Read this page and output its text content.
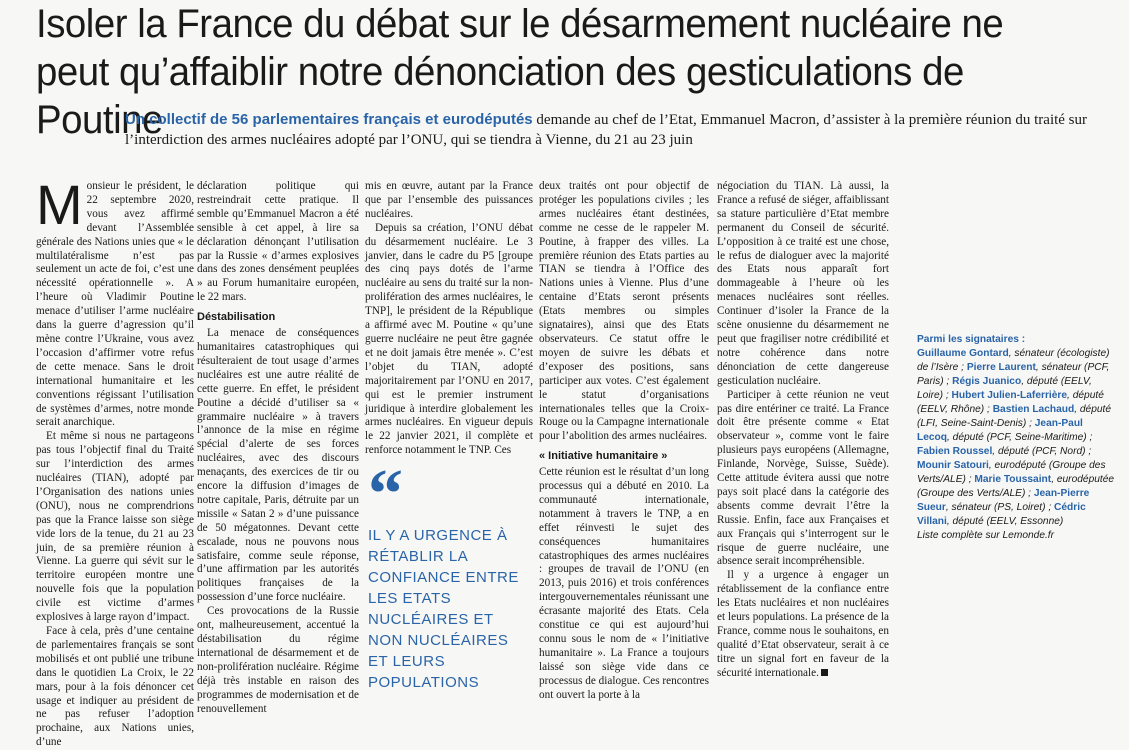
Isoler la France du débat sur le désarmement nucléaire ne peut qu’affaiblir notre dénonciation des gesticulations de Poutine
Un collectif de 56 parlementaires français et eurodéputés demande au chef de l’Etat, Emmanuel Macron, d’assister à la première réunion du traité sur l’interdiction des armes nucléaires adopté par l’ONU, qui se tiendra à Vienne, du 21 au 23 juin
M onsieur le président, le 22 septembre 2020, vous avez affirmé devant l’Assemblée générale des Nations unies que « le multilatéralisme n’est pas seulement un acte de foi, c’est une nécessité opérationnelle ». A l’heure où Vladimir Poutine menace d’utiliser l’arme nucléaire dans la guerre d’agression qu’il mène contre l’Ukraine, vous avez l’occasion d’affirmer votre refus de cette menace. Sans le droit international humanitaire et les conventions régissant l’utilisation de systèmes d’armes, notre monde serait anarchique.

Et même si nous ne partageons pas tous l’objectif final du Traité sur l’interdiction des armes nucléaires (TIAN), adopté par l’Organisation des nations unies (ONU), nous ne comprendrions pas que la France laisse son siège vide lors de la tenue, du 21 au 23 juin, de sa première réunion à Vienne. La guerre qui sévit sur le territoire européen montre une nouvelle fois que la population civile est victime d’armes explosives à large rayon d’impact.

Face à cela, près d’une centaine de parlementaires français se sont mobilisés et ont publié une tribune dans le quotidien La Croix, le 22 mars, pour à la fois dénoncer cet usage et indiquer au président de ne pas refuser l’adoption prochaine, aux Nations unies, d’une

déclaration politique qui restreindrait cette pratique. Il semble qu’Emmanuel Macron a été sensible à cet appel, à lire sa déclaration dénonçant l’utilisation par la Russie « d’armes explosives dans des zones densément peuplées » au Forum humanitaire européen, le 22 mars.

Déstabilisation

La menace de conséquences humanitaires catastrophiques qui résulteraient de tout usage d’armes nucléaires est une autre réalité de cette guerre. En effet, le président Poutine a décidé d’utiliser sa « grammaire nucléaire » à travers l’annonce de la mise en régime spécial d’alerte de ses forces nucléaires, avec des discours menaçants, des exercices de tir ou encore la diffusion d’images de notre capitale, Paris, détruite par un missile « Satan 2 » d’une puissance de 50 mégatonnes. Devant cette escalade, nous ne pouvons nous satisfaire, comme seule réponse, d’une affirmation par les autorités politiques françaises de la possession d’une force nucléaire.

Ces provocations de la Russie ont, malheureusement, accentué la déstabilisation du régime international de désarmement et de non-prolifération nucléaire. Régime déjà très instable en raison des programmes de modernisation et de renouvellement

mis en œuvre, autant par la France que par l’ensemble des puissances nucléaires.

Depuis sa création, l’ONU débat du désarmement nucléaire. Le 3 janvier, dans le cadre du P5 [groupe des cinq pays dotés de l’arme nucléaire au sens du traité sur la non-prolifération des armes nucléaires, le TNP], le président de la République a affirmé avec M. Poutine « qu’une guerre nucléaire ne peut être gagnée et ne doit jamais être menée ». C’est l’objet du TIAN, adopté majoritairement par l’ONU en 2017, qui est le premier instrument juridique à interdire globalement les armes nucléaires. En vigueur depuis le 22 janvier 2021, il complète et renforce notamment le TNP. Ces

“
IL Y A URGENCE À RÉTABLIR LA CONFIANCE ENTRE LES ETATS NUCLÉAIRES ET NON NUCLÉAIRES ET LEURS POPULATIONS

deux traités ont pour objectif de protéger les populations civiles ; les armes nucléaires étant destinées, comme ne cesse de le rappeler M. Poutine, à frapper des villes. La première réunion des Etats parties au TIAN se tiendra à l’Office des Nations unies à Vienne. Plus d’une centaine d’Etats seront présents (Etats membres ou simples signataires), ainsi que des Etats observateurs. Ce statut offre le moyen de suivre les débats et d’exposer des positions, sans participer aux votes. C’est également le statut d’organisations internationales telles que la Croix-Rouge ou la Campagne internationale pour l’abolition des armes nucléaires.

« Initiative humanitaire »

Cette réunion est le résultat d’un long processus qui a débuté en 2010. La communauté internationale, notamment à travers le TNP, a en effet réinvesti le sujet des conséquences humanitaires catastrophiques des armes nucléaires : groupes de travail de l’ONU (en 2013, puis 2016) et trois conférences intergouvernementales réunissant une écrasante majorité des Etats. Cela constitue ce qui est aujourd’hui connu sous le nom de « l’initiative humanitaire ». La France a toujours laissé son siège vide dans ce processus de dialogue. Ces rencontres ont ouvert la porte à la

négociation du TIAN. Là aussi, la France a refusé de siéger, affaiblissant sa stature particulière d’Etat membre permanent du Conseil de sécurité. L’opposition à ce traité est une chose, le refus de dialoguer avec la majorité des Etats nous apparaît fort dommageable à l’heure où les menaces nucléaires sont réelles. Continuer d’isoler la France de la scène onusienne du désarmement ne peut que fragiliser notre crédibilité et notre cohérence dans notre dénonciation de cette dangereuse gesticulation nucléaire.

Participer à cette réunion ne veut pas dire entériner ce traité. La France doit être présente comme « Etat observateur », comme vont le faire plusieurs pays européens (Allemagne, Finlande, Norvège, Suisse, Suède). Cette attitude évitera aussi que notre pays soit placé dans la catégorie des absents comme devrait l’être la Russie. Enfin, face aux Françaises et aux Français qui s’interrogent sur le risque de guerre nucléaire, une absence serait incompréhensible.

Il y a urgence à engager un rétablissement de la confiance entre les Etats nucléaires et non nucléaires et leurs populations. La présence de la France, comme nous le souhaitons, en qualité d’Etat observateur, serait à ce titre un signal fort en faveur de la sécurité internationale.

Parmi les signataires :
Guillaume Gontard, sénateur (écologiste) de l’Isère ; Pierre Laurent, sénateur (PCF, Paris) ; Régis Juanico, député (EELV, Loire) ; Hubert Julien-Laferrière, député (EELV, Rhône) ; Bastien Lachaud, député (LFI, Seine-Saint-Denis) ; Jean-Paul Lecoq, député (PCF, Seine-Maritime) ; Fabien Roussel, député (PCF, Nord) ; Mounir Satouri, eurodéputé (Groupe des Verts/ALE) ; Marie Toussaint, eurodéputée (Groupe des Verts/ALE) ; Jean-Pierre Sueur, sénateur (PS, Loiret) ; Cédric Villani, député (EELV, Essonne)
Liste complète sur Lemonde.fr
